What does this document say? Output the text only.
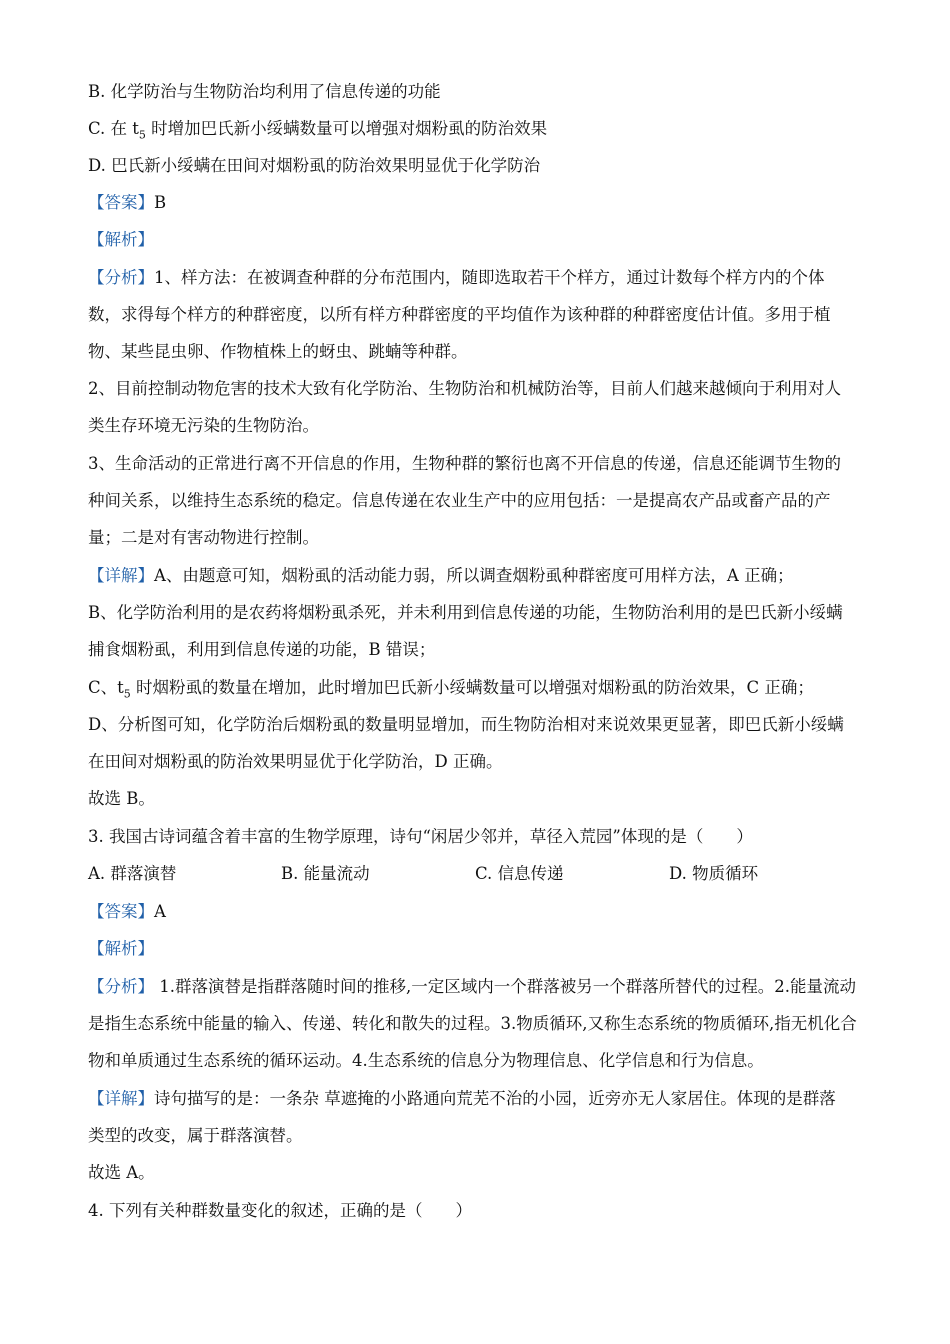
B. 化学防治与生物防治均利用了信息传递的功能
C. 在 $t_5$ 时增加巴氏新小绥螨数量可以增强对烟粉虱的防治效果
D. 巴氏新小绥螨在田间对烟粉虱的防治效果明显优于化学防治
【答案】B
【解析】
【分析】1、样方法：在被调查种群的分布范围内，随即选取若干个样方，通过计数每个样方内的个体
数，求得每个样方的种群密度，以所有样方种群密度的平均值作为该种群的种群密度估计值。多用于植
物、某些昆虫卵、作物植株上的蚜虫、跳蝻等种群。
2、目前控制动物危害的技术大致有化学防治、生物防治和机械防治等，目前人们越来越倾向于利用对人
类生存环境无污染的生物防治。
3、生命活动的正常进行离不开信息的作用，生物种群的繁衍也离不开信息的传递，信息还能调节生物的
种间关系，以维持生态系统的稳定。信息传递在农业生产中的应用包括：一是提高农产品或畜产品的产
量；二是对有害动物进行控制。
【详解】A、由题意可知，烟粉虱的活动能力弱，所以调查烟粉虱种群密度可用样方法，A 正确；
B、化学防治利用的是农药将烟粉虱杀死，并未利用到信息传递的功能，生物防治利用的是巴氏新小绥螨
捕食烟粉虱，利用到信息传递的功能，B 错误；
C、$t_5$ 时烟粉虱的数量在增加，此时增加巴氏新小绥螨数量可以增强对烟粉虱的防治效果，C 正确；
D、分析图可知，化学防治后烟粉虱的数量明显增加，而生物防治相对来说效果更显著，即巴氏新小绥螨
在田间对烟粉虱的防治效果明显优于化学防治，D 正确。
故选 B。
3. 我国古诗词蕴含着丰富的生物学原理，诗句“闲居少邻并，草径入荒园”体现的是（　　）
A. 群落演替	B. 能量流动	C. 信息传递	D. 物质循环
【答案】A
【解析】
【分析】 1.群落演替是指群落随时间的推移,一定区域内一个群落被另一个群落所替代的过程。2.能量流动
是指生态系统中能量的输入、传递、转化和散失的过程。3.物质循环,又称生态系统的物质循环,指无机化合
物和单质通过生态系统的循环运动。4.生态系统的信息分为物理信息、化学信息和行为信息。
【详解】诗句描写的是：一条杂 草遮掩的小路通向荒芜不治的小园，近旁亦无人家居住。体现的是群落
类型的改变，属于群落演替。
故选 A。
4. 下列有关种群数量变化的叙述，正确的是（　　）
